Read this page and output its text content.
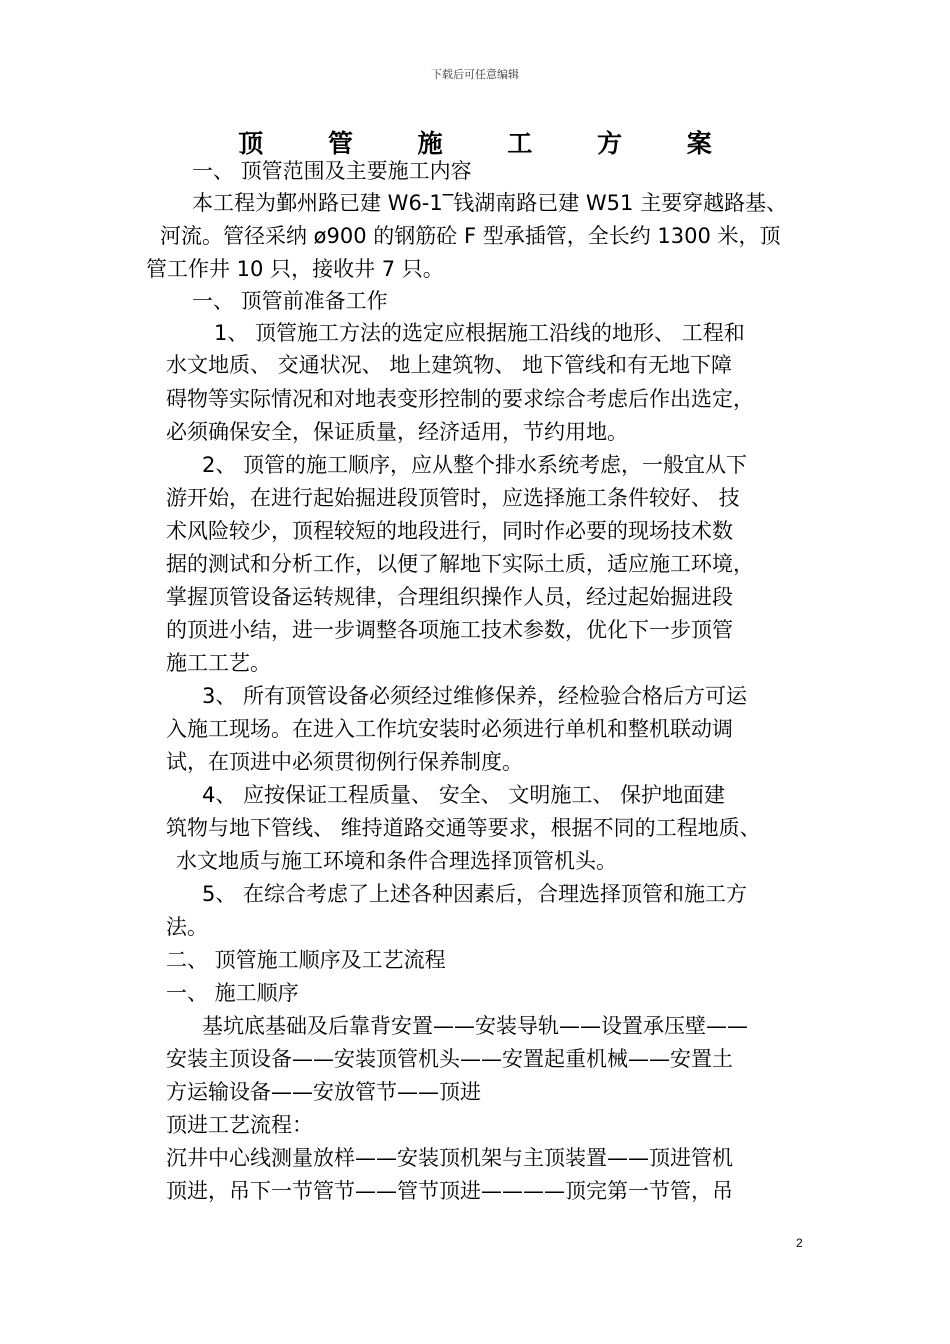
下载后可任意编辑
顶 管 施 工 方 案
一、 顶管范围及主要施工内容
本工程为鄞州路已建 W6-1‾钱湖南路已建 W51 主要穿越路基、
河流。管径采纳 ø900 的钢筋砼 F 型承插管，全长约 1300 米，顶
管工作井 10 只，接收井 7 只。
一、 顶管前准备工作
1、 顶管施工方法的选定应根据施工沿线的地形、 工程和
水文地质、 交通状况、 地上建筑物、 地下管线和有无地下障
碍物等实际情况和对地表变形控制的要求综合考虑后作出选定，
必须确保安全，保证质量，经济适用，节约用地。
2、 顶管的施工顺序，应从整个排水系统考虑，一般宜从下
游开始，在进行起始掘进段顶管时，应选择施工条件较好、 技
术风险较少，顶程较短的地段进行，同时作必要的现场技术数
据的测试和分析工作，以便了解地下实际土质，适应施工环境，
掌握顶管设备运转规律，合理组织操作人员，经过起始掘进段
的顶进小结，进一步调整各项施工技术参数，优化下一步顶管
施工工艺。
3、 所有顶管设备必须经过维修保养，经检验合格后方可运
入施工现场。在进入工作坑安装时必须进行单机和整机联动调
试，在顶进中必须贯彻例行保养制度。
4、 应按保证工程质量、 安全、 文明施工、 保护地面建
筑物与地下管线、 维持道路交通等要求，根据不同的工程地质、
水文地质与施工环境和条件合理选择顶管机头。
5、 在综合考虑了上述各种因素后，合理选择顶管和施工方
法。
二、 顶管施工顺序及工艺流程
一、 施工顺序
基坑底基础及后靠背安置——安装导轨——设置承压壁——
安装主顶设备——安装顶管机头——安置起重机械——安置土
方运输设备——安放管节——顶进
顶进工艺流程：
沉井中心线测量放样——安装顶机架与主顶装置——顶进管机
顶进，吊下一节管节——管节顶进————顶完第一节管，吊
2
